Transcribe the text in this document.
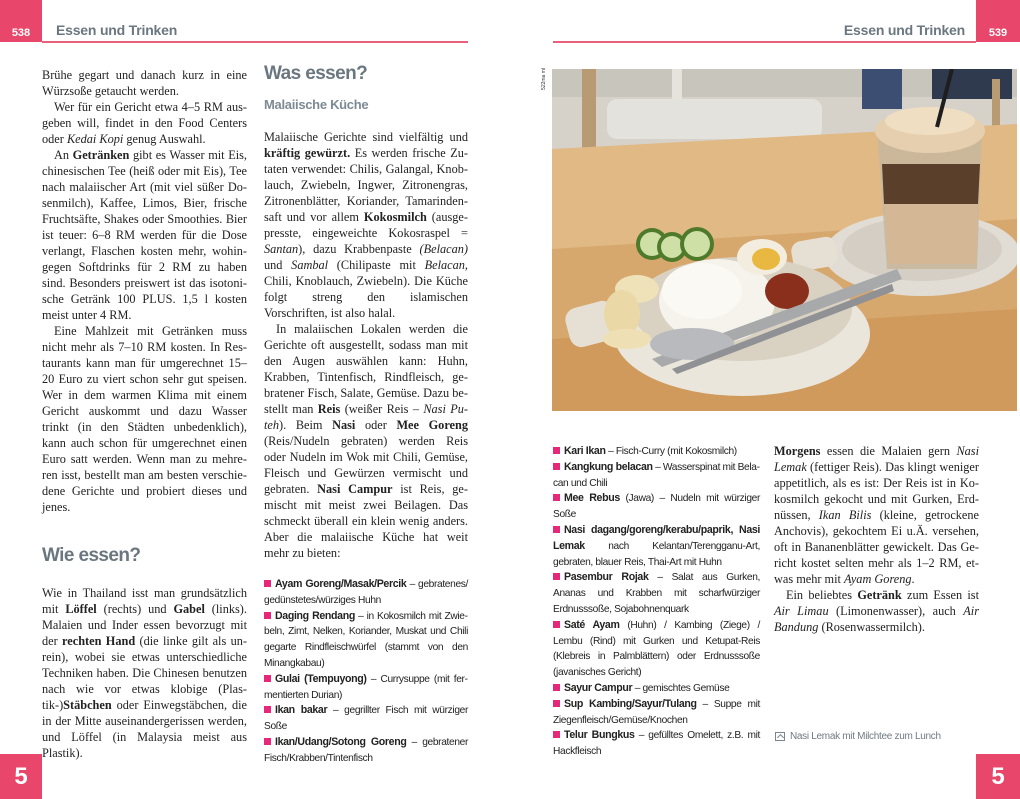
538 Essen und Trinken

Brühe gegart und danach kurz in eine Würzsoße getaucht werden.

Wer für ein Gericht etwa 4–5 RM ausgeben will, findet in den Food Centers oder Kedai Kopi genug Auswahl.

An Getränken gibt es Wasser mit Eis, chinesischen Tee (heiß oder mit Eis), Tee nach malaiischer Art (mit viel süßer Dosenmilch), Kaffee, Limos, Bier, frische Fruchtsäfte, Shakes oder Smoothies. Bier ist teuer: 6–8 RM werden für die Dose verlangt, Flaschen kosten mehr, wohingegen Softdrinks für 2 RM zu haben sind. Besonders preiswert ist das isotonische Getränk 100 PLUS. 1,5 l kosten meist unter 4 RM.

Eine Mahlzeit mit Getränken muss nicht mehr als 7–10 RM kosten. In Restaurants kann man für umgerechnet 15–20 Euro zu viert schon sehr gut speisen. Wer in dem warmen Klima mit einem Gericht auskommt und dazu Wasser trinkt (in den Städten unbedenklich), kann auch schon für umgerechnet einen Euro satt werden. Wenn man zu mehreren isst, bestellt man am besten verschiedene Gerichte und probiert dieses und jenes.

Wie essen?

Wie in Thailand isst man grundsätzlich mit Löffel (rechts) und Gabel (links). Malaien und Inder essen bevorzugt mit der rechten Hand (die linke gilt als unrein), wobei sie etwas unterschiedliche Techniken haben. Die Chinesen benutzen nach wie vor etwas klobige (Plastik-)Stäbchen oder Einwegstäbchen, die in der Mitte auseinandergerissen werden, und Löffel (in Malaysia meist aus Plastik).

Was essen?
Malaiische Küche

Malaiische Gerichte sind vielfältig und kräftig gewürzt. Es werden frische Zutaten verwendet: Chilis, Galangal, Knoblauch, Zwiebeln, Ingwer, Zitronengras, Zitronenblätter, Koriander, Tamarindensaft und vor allem Kokosmilch (ausgepresste, eingeweichte Kokosraspel = Santan), dazu Krabbenpaste (Belacan) und Sambal (Chilipaste mit Belacan, Chili, Knoblauch, Zwiebeln). Die Küche folgt streng den islamischen Vorschriften, ist also halal.

In malaiischen Lokalen werden die Gerichte oft ausgestellt, sodass man mit den Augen auswählen kann: Huhn, Krabben, Tintenfisch, Rindfleisch, gebratener Fisch, Salate, Gemüse. Dazu bestellt man Reis (weißer Reis – Nasi Puteh). Beim Nasi oder Mee Goreng (Reis/Nudeln gebraten) werden Reis oder Nudeln im Wok mit Chili, Gemüse, Fleisch und Gewürzen vermischt und gebraten. Nasi Campur ist Reis, gemischt mit meist zwei Beilagen. Das schmeckt überall ein klein wenig anders. Aber die malaiische Küche hat weit mehr zu bieten:

Ayam Goreng/Masak/Percik – gebratenes/ gedünstetes/würziges Huhn

Daging Rendang – in Kokosmilch mit Zwiebeln, Zimt, Nelken, Koriander, Muskat und Chili gegarte Rindfleischwürfel (stammt von den Minangkabau)

Gulai (Tempuyong) – Currysuppe (mit fermentierten Durian)

Ikan bakar – gegrillter Fisch mit würziger Soße

Ikan/Udang/Sotong Goreng – gebratener Fisch/Krabben/Tintenfisch

5
Essen und Trinken 539
522ma ml

Kari Ikan – Fisch-Curry (mit Kokosmilch)

Kangkung belacan – Wasserspinat mit Belacan und Chili

Mee Rebus (Jawa) – Nudeln mit würziger Soße

Nasi dagang/goreng/kerabu/paprik, Nasi Lemak nach Kelantan/Terengganu-Art, gebraten, blauer Reis, Thai-Art mit Huhn

Pasembur Rojak – Salat aus Gurken, Ananas und Krabben mit scharfwürziger Erdnusssoße, Sojabohnenquark

Saté Ayam (Huhn) / Kambing (Ziege) / Lembu (Rind) mit Gurken und Ketupat-Reis (Klebreis in Palmblättern) oder Erdnusssoße (javanisches Gericht)

Sayur Campur – gemischtes Gemüse

Sup Kambing/Sayur/Tulang – Suppe mit Ziegenfleisch/Gemüse/Knochen

Telur Bungkus – gefülltes Omelett, z.B. mit Hackfleisch

Morgens essen die Malaien gern Nasi Lemak (fettiger Reis). Das klingt weniger appetitlich, als es ist: Der Reis ist in Kokosmilch gekocht und mit Gurken, Erdnüssen, Ikan Bilis (kleine, getrockene Anchovis), gekochtem Ei u.Ä. versehen, oft in Bananenblätter gewickelt. Das Gericht kostet selten mehr als 1–2 RM, etwas mehr mit Ayam Goreng.

Ein beliebtes Getränk zum Essen ist Air Limau (Limonenwasser), auch Air Bandung (Rosenwassermilch).

Nasi Lemak mit Milchtee zum Lunch
5
